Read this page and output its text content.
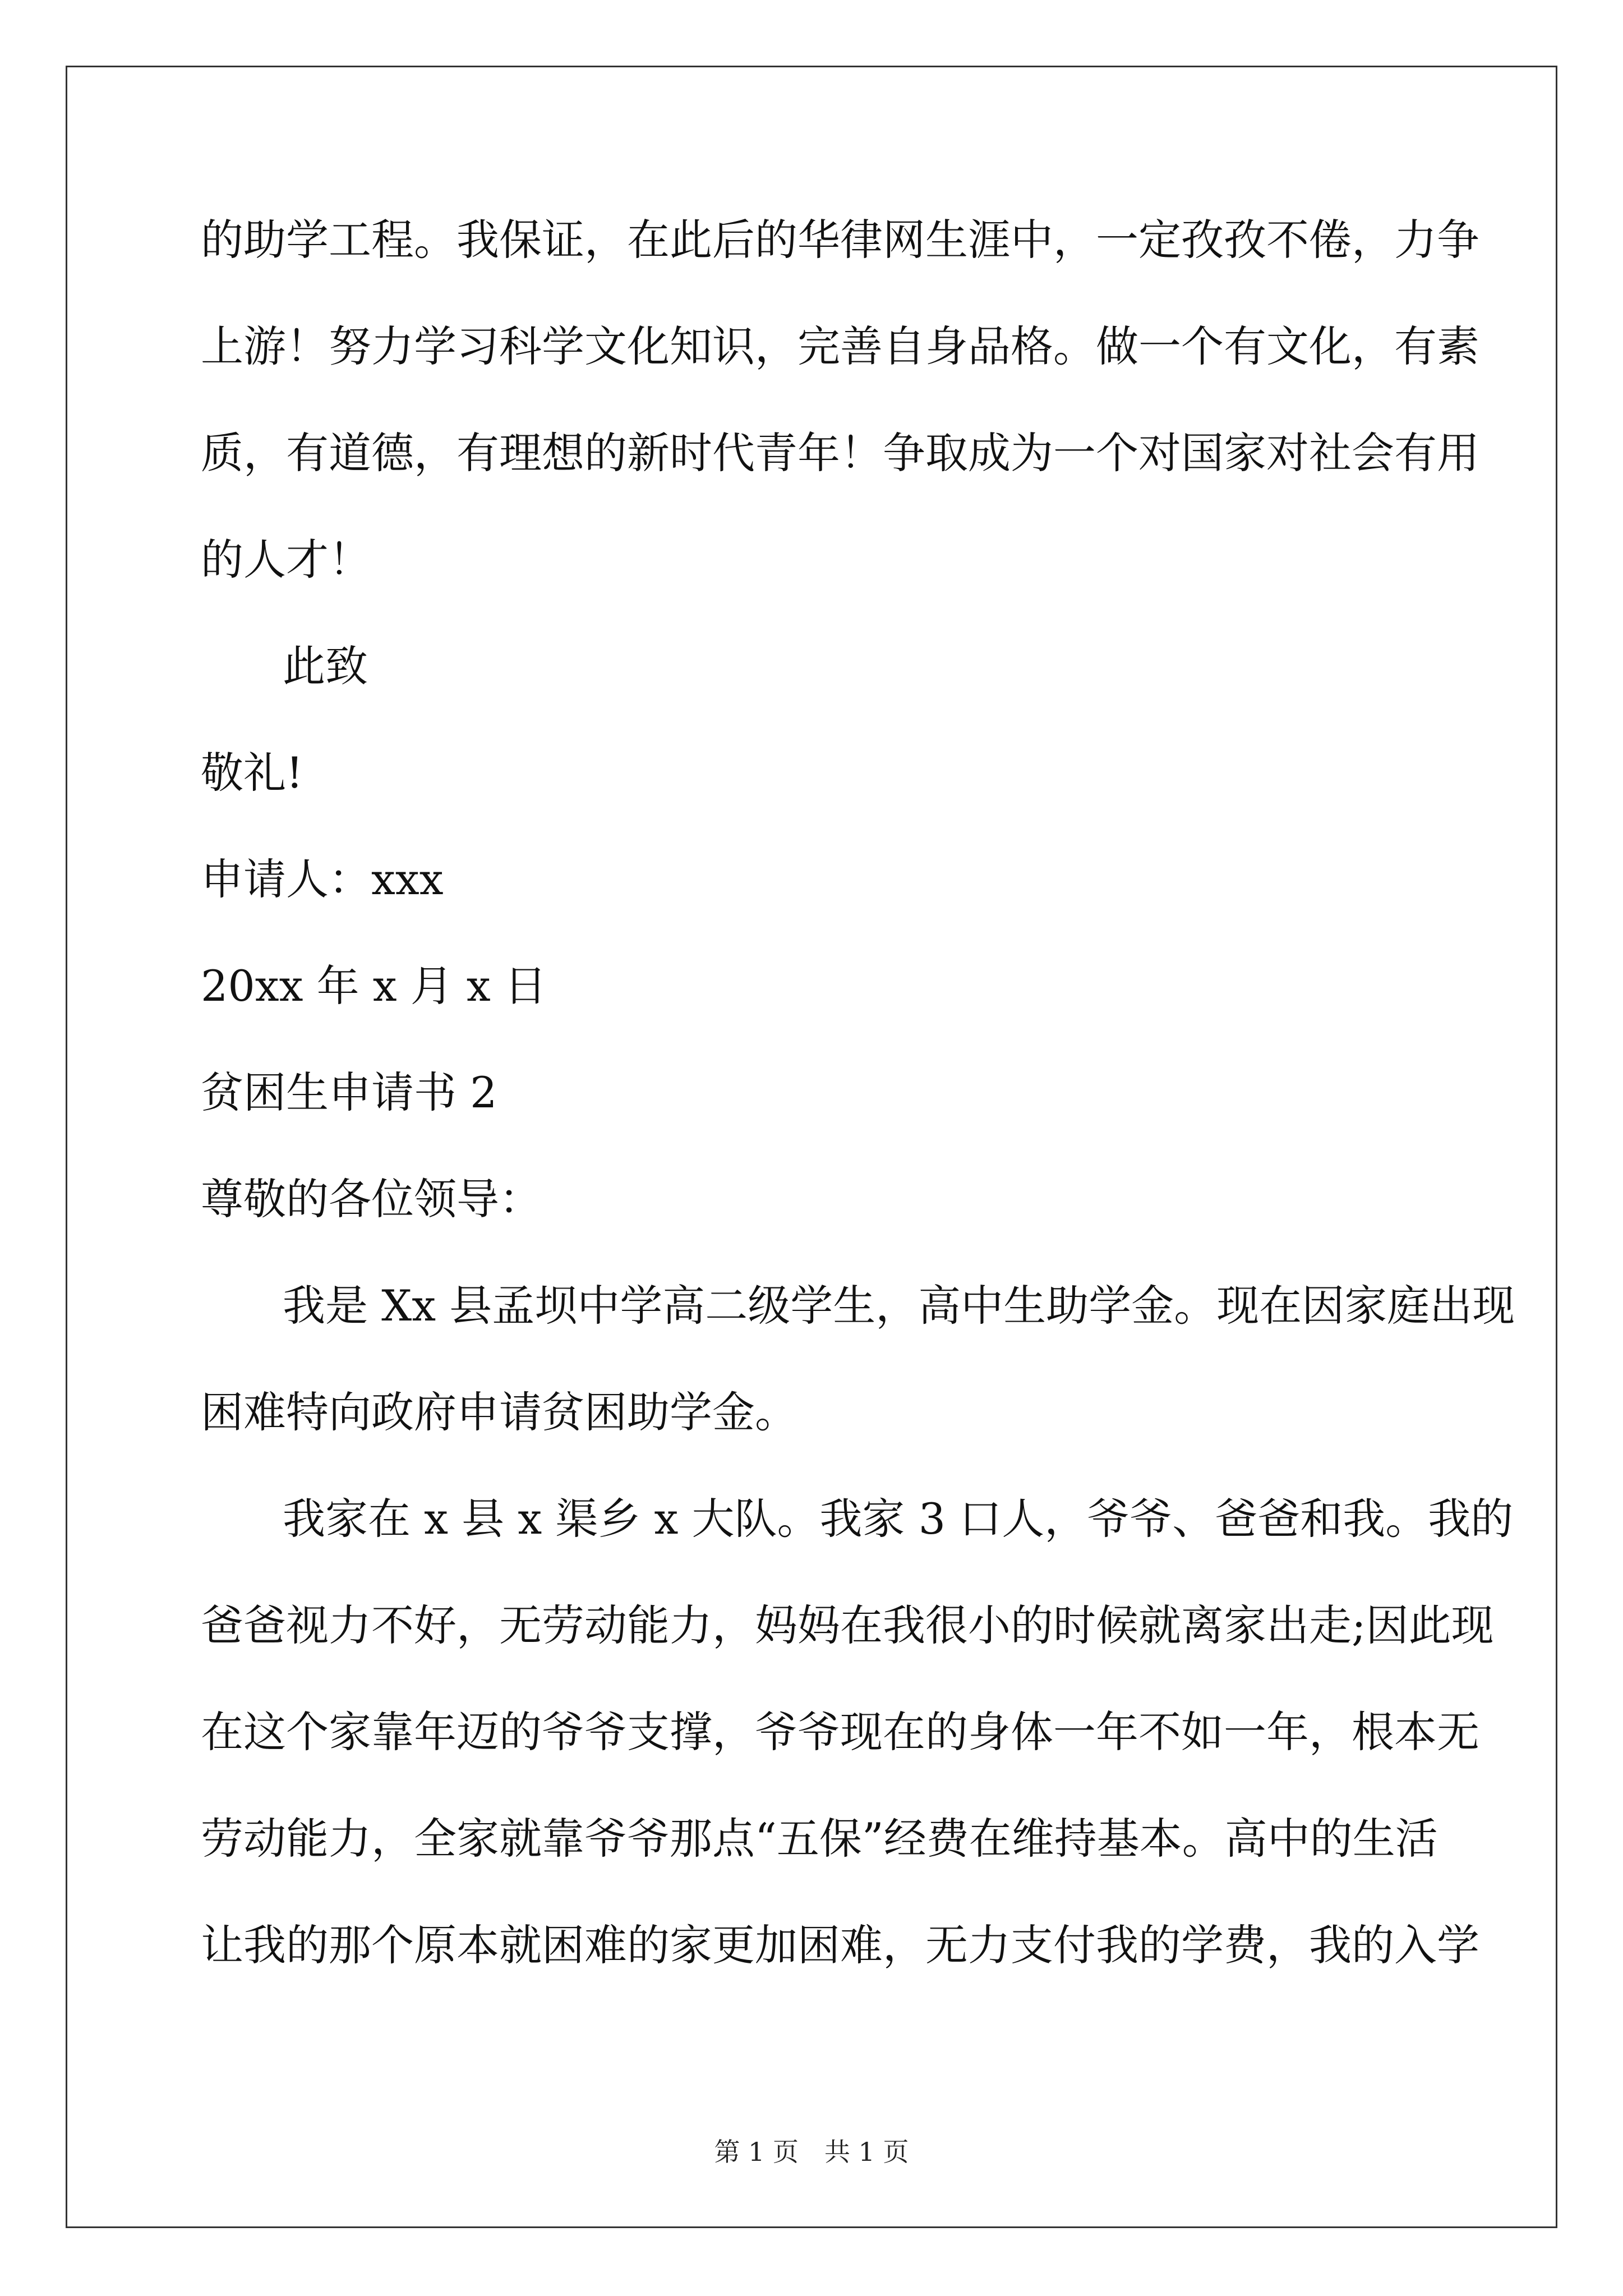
的助学工程。我保证，在此后的华律网生涯中，一定孜孜不倦，力争
上游！努力学习科学文化知识，完善自身品格。做一个有文化，有素
质，有道德，有理想的新时代青年！争取成为一个对国家对社会有用
的人才！
此致
敬礼!
申请人：xxx
20xx 年 x 月 x 日
贫困生申请书 2
尊敬的各位领导：
我是 Xx 县孟坝中学高二级学生，高中生助学金。现在因家庭出现
困难特向政府申请贫困助学金。
我家在 x 县 x 渠乡 x 大队。我家 3 口人，爷爷、爸爸和我。我的
爸爸视力不好，无劳动能力，妈妈在我很小的时候就离家出走;因此现
在这个家靠年迈的爷爷支撑，爷爷现在的身体一年不如一年，根本无
劳动能力，全家就靠爷爷那点“五保”经费在维持基本。高中的生活
让我的那个原本就困难的家更加困难，无力支付我的学费，我的入学
第 1 页　共 1 页
